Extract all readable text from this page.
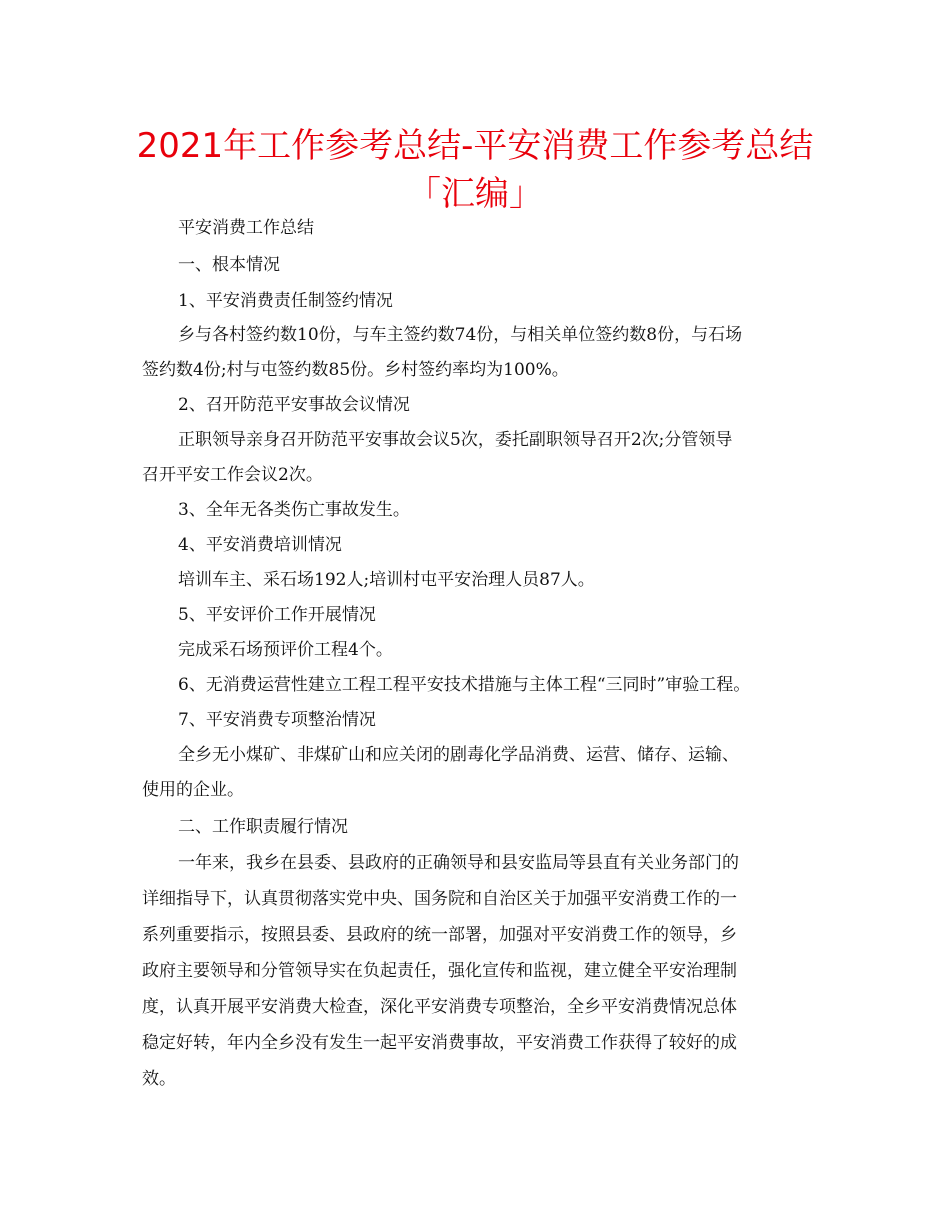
2021年工作参考总结-平安消费工作参考总结
「汇编」

平安消费工作总结

一、根本情况

1、平安消费责任制签约情况

乡与各村签约数10份，与车主签约数74份，与相关单位签约数8份，与石场

签约数4份;村与屯签约数85份。乡村签约率均为100%。

2、召开防范平安事故会议情况

正职领导亲身召开防范平安事故会议5次，委托副职领导召开2次;分管领导

召开平安工作会议2次。

3、全年无各类伤亡事故发生。

4、平安消费培训情况

培训车主、采石场192人;培训村屯平安治理人员87人。

5、平安评价工作开展情况

完成采石场预评价工程4个。

6、无消费运营性建立工程工程平安技术措施与主体工程“三同时”审验工程。

7、平安消费专项整治情况

全乡无小煤矿、非煤矿山和应关闭的剧毒化学品消费、运营、储存、运输、

使用的企业。

二、工作职责履行情况

一年来，我乡在县委、县政府的正确领导和县安监局等县直有关业务部门的

详细指导下，认真贯彻落实党中央、国务院和自治区关于加强平安消费工作的一

系列重要指示，按照县委、县政府的统一部署，加强对平安消费工作的领导，乡

政府主要领导和分管领导实在负起责任，强化宣传和监视，建立健全平安治理制

度，认真开展平安消费大检查，深化平安消费专项整治，全乡平安消费情况总体

稳定好转，年内全乡没有发生一起平安消费事故，平安消费工作获得了较好的成

效。
